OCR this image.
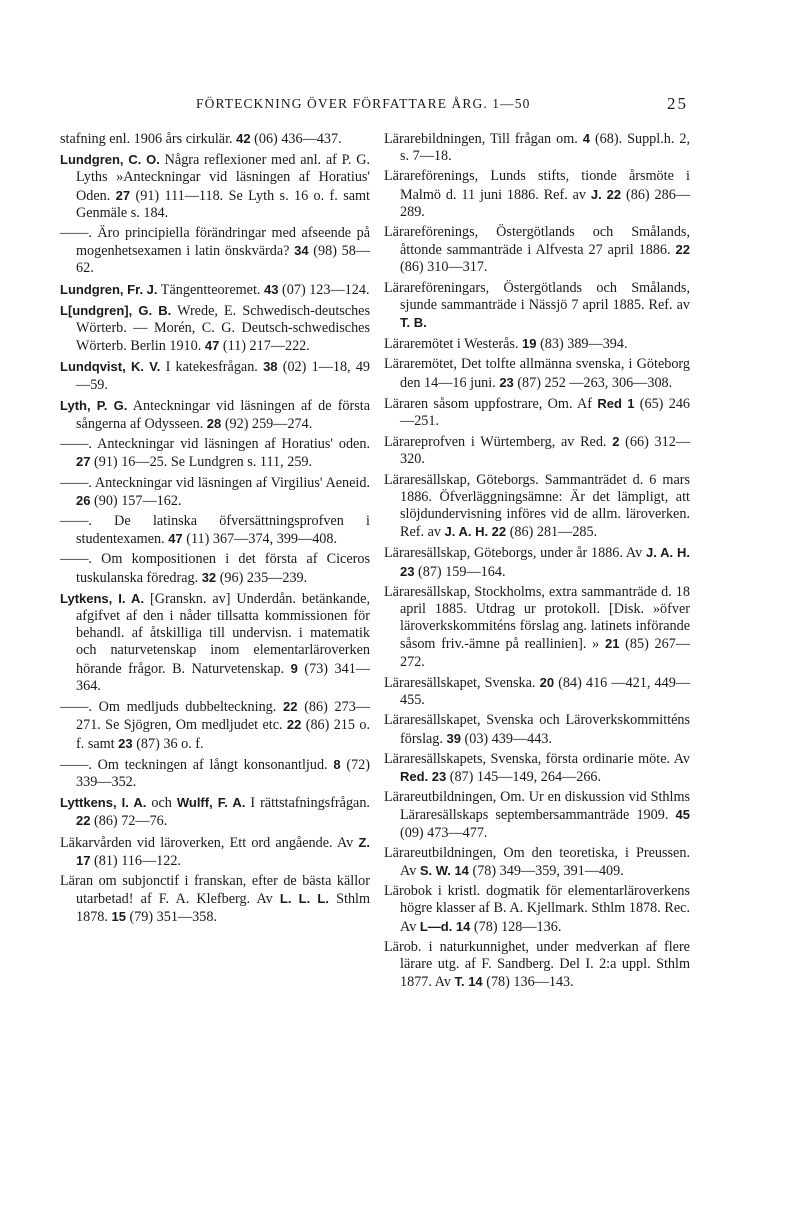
FÖRTECKNING ÖVER FÖRFATTARE ÅRG. 1—50	25

stafning enl. 1906 års cirkulär. 42 (06) 436—437.

Lundgren, C. O. Några reflexioner med anl. af P. G. Lyths »Anteckningar vid läsningen af Horatius' Oden. 27 (91) 111—118. Se Lyth s. 16 o. f. samt Genmäle s. 184.

——. Äro principiella förändringar med afseende på mogenhetsexamen i latin önskvärda? 34 (98) 58—62.

Lundgren, Fr. J. Tängentteoremet. 43 (07) 123—124.

L[undgren], G. B. Wrede, E. Schwedisch-deutsches Wörterb. — Morén, C. G. Deutsch-schwedisches Wörterb. Berlin 1910. 47 (11) 217—222.

Lundqvist, K. V. I katekesfrågan. 38 (02) 1—18, 49—59.

Lyth, P. G. Anteckningar vid läsningen af de första sångerna af Odysseen. 28 (92) 259—274.

——. Anteckningar vid läsningen af Horatius' oden. 27 (91) 16—25. Se Lundgren s. 111, 259.

——. Anteckningar vid läsningen af Virgilius' Aeneid. 26 (90) 157—162.

——. De latinska öfversättningsprofven i studentexamen. 47 (11) 367—374, 399—408.

——. Om kompositionen i det första af Ciceros tuskulanska föredrag. 32 (96) 235—239.

Lytkens, I. A. [Granskn. av] Underdån. betänkande, afgifvet af den i nåder tillsatta kommissionen för behandl. af åtskilliga till undervisn. i matematik och naturvetenskap inom elementarläroverken hörande frågor. B. Naturvetenskap. 9 (73) 341—364.

——. Om medljuds dubbelteckning. 22 (86) 273—271. Se Sjögren, Om medljudet etc. 22 (86) 215 o. f. samt 23 (87) 36 o. f.

——. Om teckningen af långt konsonantljud. 8 (72) 339—352.

Lyttkens, I. A. och Wulff, F. A. I rättstafningsfrågan. 22 (86) 72—76.

Läkarvården vid läroverken, Ett ord angående. Av Z. 17 (81) 116—122.

Läran om subjonctif i franskan, efter de bästa källor utarbetad! af F. A. Klefberg. Av L. L. L. Sthlm 1878. 15 (79) 351—358.

Lärarebildningen, Till frågan om. 4 (68). Suppl.h. 2, s. 7—18.

Lärareförenings, Lunds stifts, tionde årsmöte i Malmö d. 11 juni 1886. Ref. av J. 22 (86) 286—289.

Lärareförenings, Östergötlands och Smålands, åttonde sammanträde i Alfvesta 27 april 1886. 22 (86) 310—317.

Lärareföreningars, Östergötlands och Smålands, sjunde sammanträde i Nässjö 7 april 1885. Ref. av T. B.

Läraremötet i Westerås. 19 (83) 389—394.

Läraremötet, Det tolfte allmänna svenska, i Göteborg den 14—16 juni. 23 (87) 252 —263, 306—308.

Läraren såsom uppfostrare, Om. Af Red 1 (65) 246—251.

Lärareprofven i Würtemberg, av Red. 2 (66) 312—320.

Läraresällskap, Göteborgs. Sammanträdet d. 6 mars 1886. Öfverläggningsämne: Är det lämpligt, att slöjdundervisning införes vid de allm. läroverken. Ref. av J. A. H. 22 (86) 281—285.

Läraresällskap, Göteborgs, under år 1886. Av J. A. H. 23 (87) 159—164.

Läraresällskap, Stockholms, extra sammanträde d. 18 april 1885. Utdrag ur protokoll. [Disk. »öfver läroverkskommiténs förslag ang. latinets införande såsom friv.-ämne på reallinien]. » 21 (85) 267—272.

Läraresällskapet, Svenska. 20 (84) 416 —421, 449—455.

Läraresällskapet, Svenska och Läroverkskommitténs förslag. 39 (03) 439—443.

Läraresällskapets, Svenska, första ordinarie möte. Av Red. 23 (87) 145—149, 264—266.

Lärareutbildningen, Om. Ur en diskussion vid Sthlms Läraresällskaps septembersammanträde 1909. 45 (09) 473—477.

Lärareutbildningen, Om den teoretiska, i Preussen. Av S. W. 14 (78) 349—359, 391—409.

Lärobok i kristl. dogmatik för elementarläroverkens högre klasser af B. A. Kjellmark. Sthlm 1878. Rec. Av L—d. 14 (78) 128—136.

Lärob. i naturkunnighet, under medverkan af flere lärare utg. af F. Sandberg. Del I. 2:a uppl. Sthlm 1877. Av T. 14 (78) 136—143.
